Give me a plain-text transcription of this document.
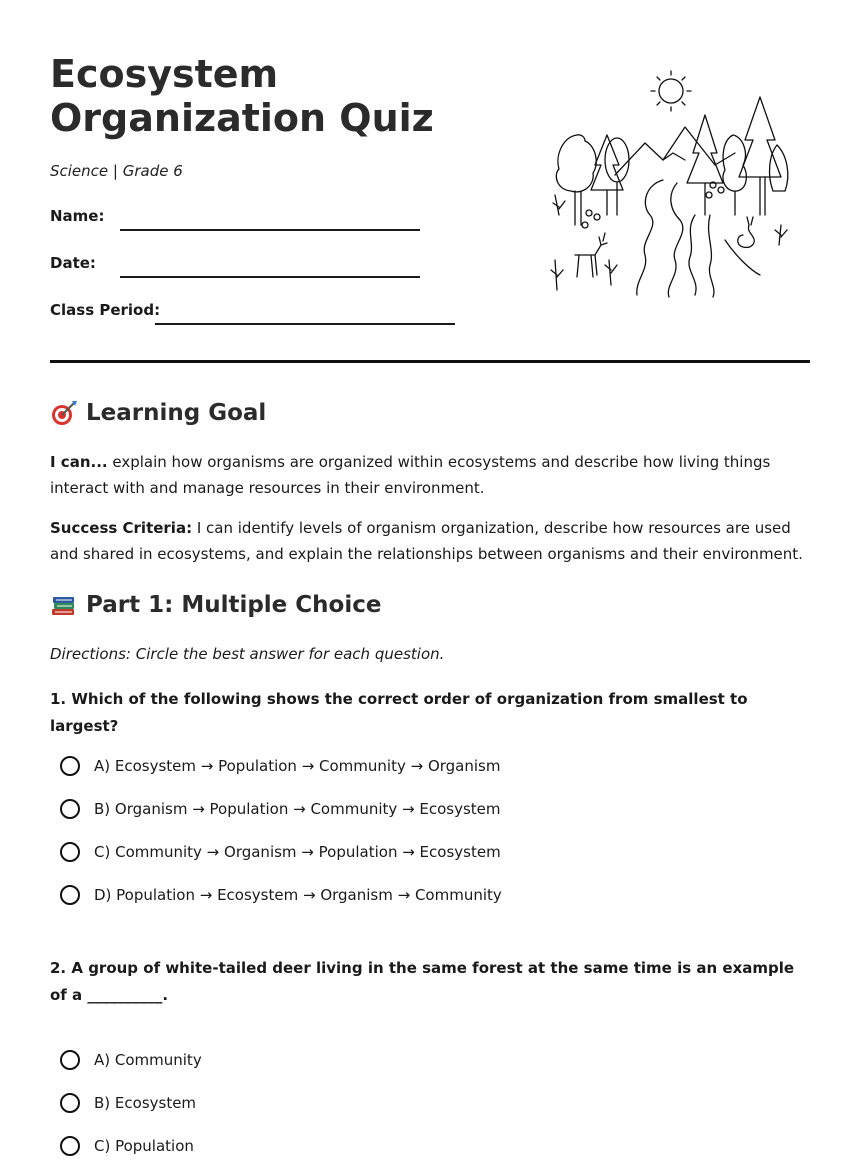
Ecosystem Organization Quiz
Science | Grade 6
Name:
Date:
Class Period:
Learning Goal
I can... explain how organisms are organized within ecosystems and describe how living things interact with and manage resources in their environment.
Success Criteria: I can identify levels of organism organization, describe how resources are used and shared in ecosystems, and explain the relationships between organisms and their environment.
Part 1: Multiple Choice
Directions: Circle the best answer for each question.
1. Which of the following shows the correct order of organization from smallest to largest?
A) Ecosystem → Population → Community → Organism
B) Organism → Population → Community → Ecosystem
C) Community → Organism → Population → Ecosystem
D) Population → Ecosystem → Organism → Community
2. A group of white-tailed deer living in the same forest at the same time is an example of a __________.
A) Community
B) Ecosystem
C) Population
